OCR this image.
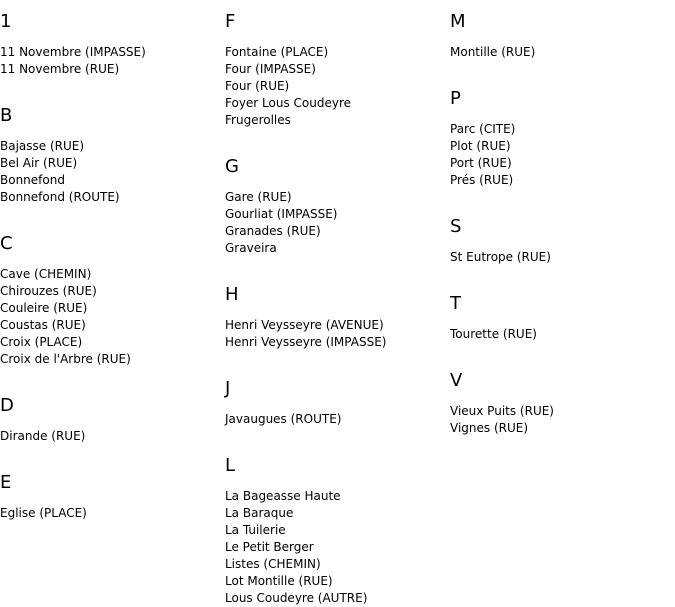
1
11 Novembre (IMPASSE)
11 Novembre (RUE)
B
Bajasse (RUE)
Bel Air (RUE)
Bonnefond
Bonnefond (ROUTE)
C
Cave (CHEMIN)
Chirouzes (RUE)
Couleire (RUE)
Coustas (RUE)
Croix (PLACE)
Croix de l'Arbre (RUE)
D
Dirande (RUE)
E
Eglise (PLACE)
F
Fontaine (PLACE)
Four (IMPASSE)
Four (RUE)
Foyer Lous Coudeyre
Frugerolles
G
Gare (RUE)
Gourliat (IMPASSE)
Granades (RUE)
Graveira
H
Henri Veysseyre (AVENUE)
Henri Veysseyre (IMPASSE)
J
Javaugues (ROUTE)
L
La Bageasse Haute
La Baraque
La Tuilerie
Le Petit Berger
Listes (CHEMIN)
Lot Montille (RUE)
Lous Coudeyre (AUTRE)
M
Montille (RUE)
P
Parc (CITE)
Plot (RUE)
Port (RUE)
Prés (RUE)
S
St Eutrope (RUE)
T
Tourette (RUE)
V
Vieux Puits (RUE)
Vignes (RUE)
